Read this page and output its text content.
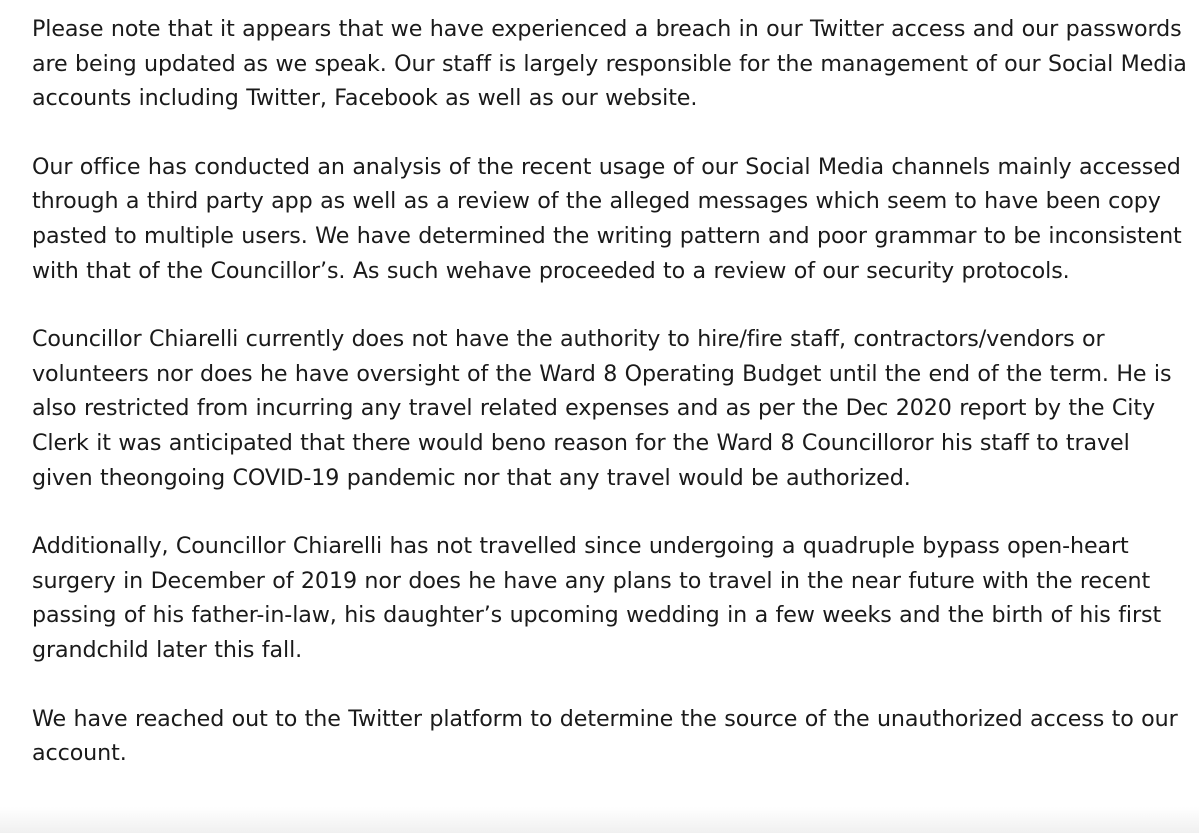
Please note that it appears that we have experienced a breach in our Twitter access and our passwords are being updated as we speak. Our staff is largely responsible for the management of our Social Media accounts including Twitter, Facebook as well as our website.

Our office has conducted an analysis of the recent usage of our Social Media channels mainly accessed through a third party app as well as a review of the alleged messages which seem to have been copy pasted to multiple users. We have determined the writing pattern and poor grammar to be inconsistent with that of the Councillor’s. As such wehave proceeded to a review of our security protocols.

Councillor Chiarelli currently does not have the authority to hire/fire staff, contractors/vendors or volunteers nor does he have oversight of the Ward 8 Operating Budget until the end of the term. He is also restricted from incurring any travel related expenses and as per the Dec 2020 report by the City Clerk it was anticipated that there would beno reason for the Ward 8 Councilloror his staff to travel given theongoing COVID-19 pandemic nor that any travel would be authorized.

Additionally, Councillor Chiarelli has not travelled since undergoing a quadruple bypass open-heart surgery in December of 2019 nor does he have any plans to travel in the near future with the recent passing of his father-in-law, his daughter’s upcoming wedding in a few weeks and the birth of his first grandchild later this fall.

We have reached out to the Twitter platform to determine the source of the unauthorized access to our account.
